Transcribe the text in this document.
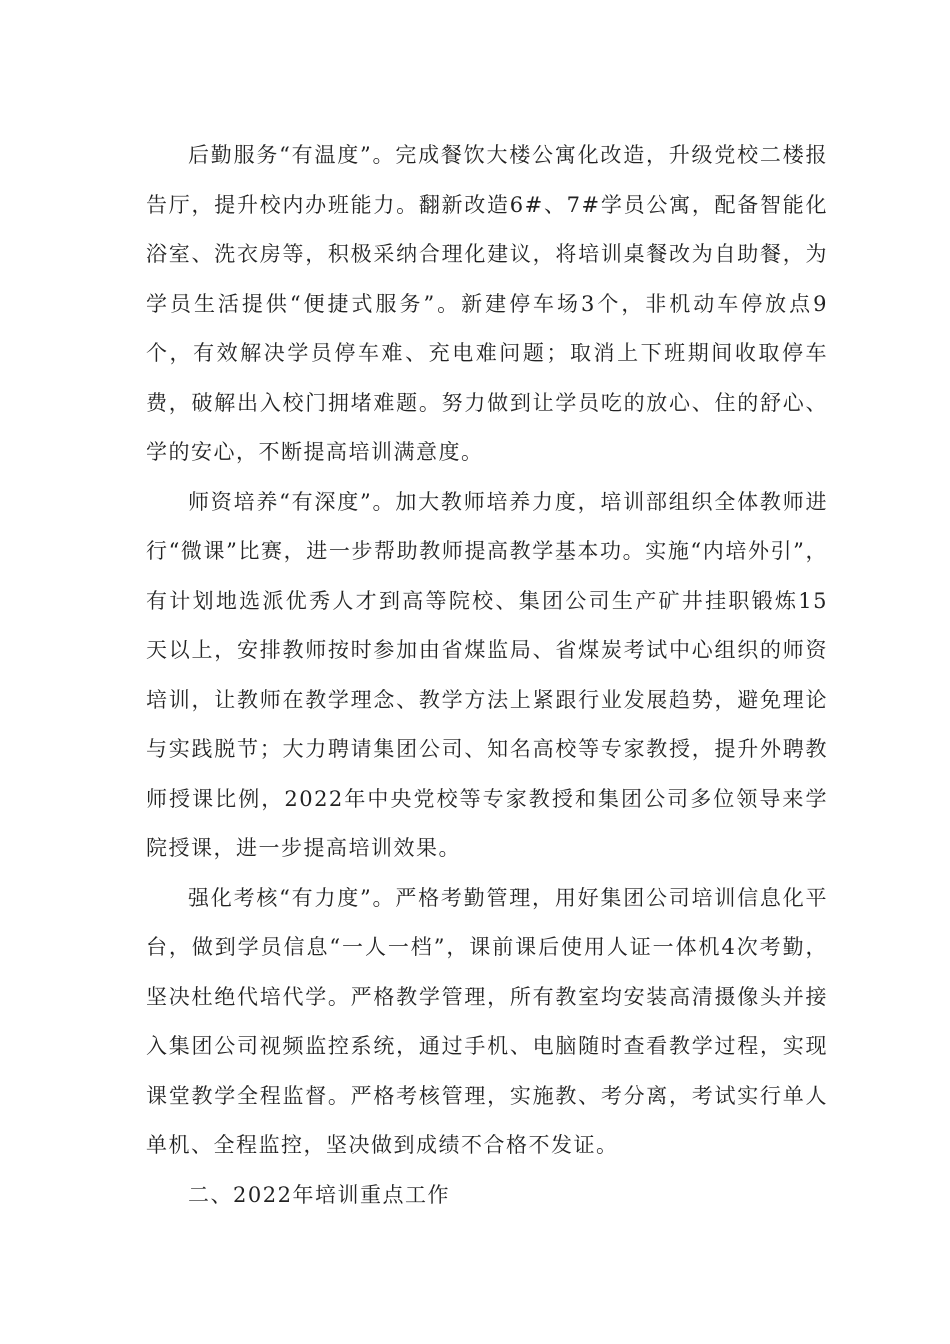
后勤服务“有温度”。完成餐饮大楼公寓化改造，升级党校二楼报告厅，提升校内办班能力。翻新改造6#、7#学员公寓，配备智能化浴室、洗衣房等，积极采纳合理化建议，将培训桌餐改为自助餐，为学员生活提供“便捷式服务”。新建停车场3个，非机动车停放点9个，有效解决学员停车难、充电难问题；取消上下班期间收取停车费，破解出入校门拥堵难题。努力做到让学员吃的放心、住的舒心、学的安心，不断提高培训满意度。

师资培养“有深度”。加大教师培养力度，培训部组织全体教师进行“微课”比赛，进一步帮助教师提高教学基本功。实施“内培外引”，有计划地选派优秀人才到高等院校、集团公司生产矿井挂职锻炼15天以上，安排教师按时参加由省煤监局、省煤炭考试中心组织的师资培训，让教师在教学理念、教学方法上紧跟行业发展趋势，避免理论与实践脱节；大力聘请集团公司、知名高校等专家教授，提升外聘教师授课比例，2022年中央党校等专家教授和集团公司多位领导来学院授课，进一步提高培训效果。

强化考核“有力度”。严格考勤管理，用好集团公司培训信息化平台，做到学员信息“一人一档”，课前课后使用人证一体机4次考勤，坚决杜绝代培代学。严格教学管理，所有教室均安装高清摄像头并接入集团公司视频监控系统，通过手机、电脑随时查看教学过程，实现课堂教学全程监督。严格考核管理，实施教、考分离，考试实行单人单机、全程监控，坚决做到成绩不合格不发证。

二、2022年培训重点工作
